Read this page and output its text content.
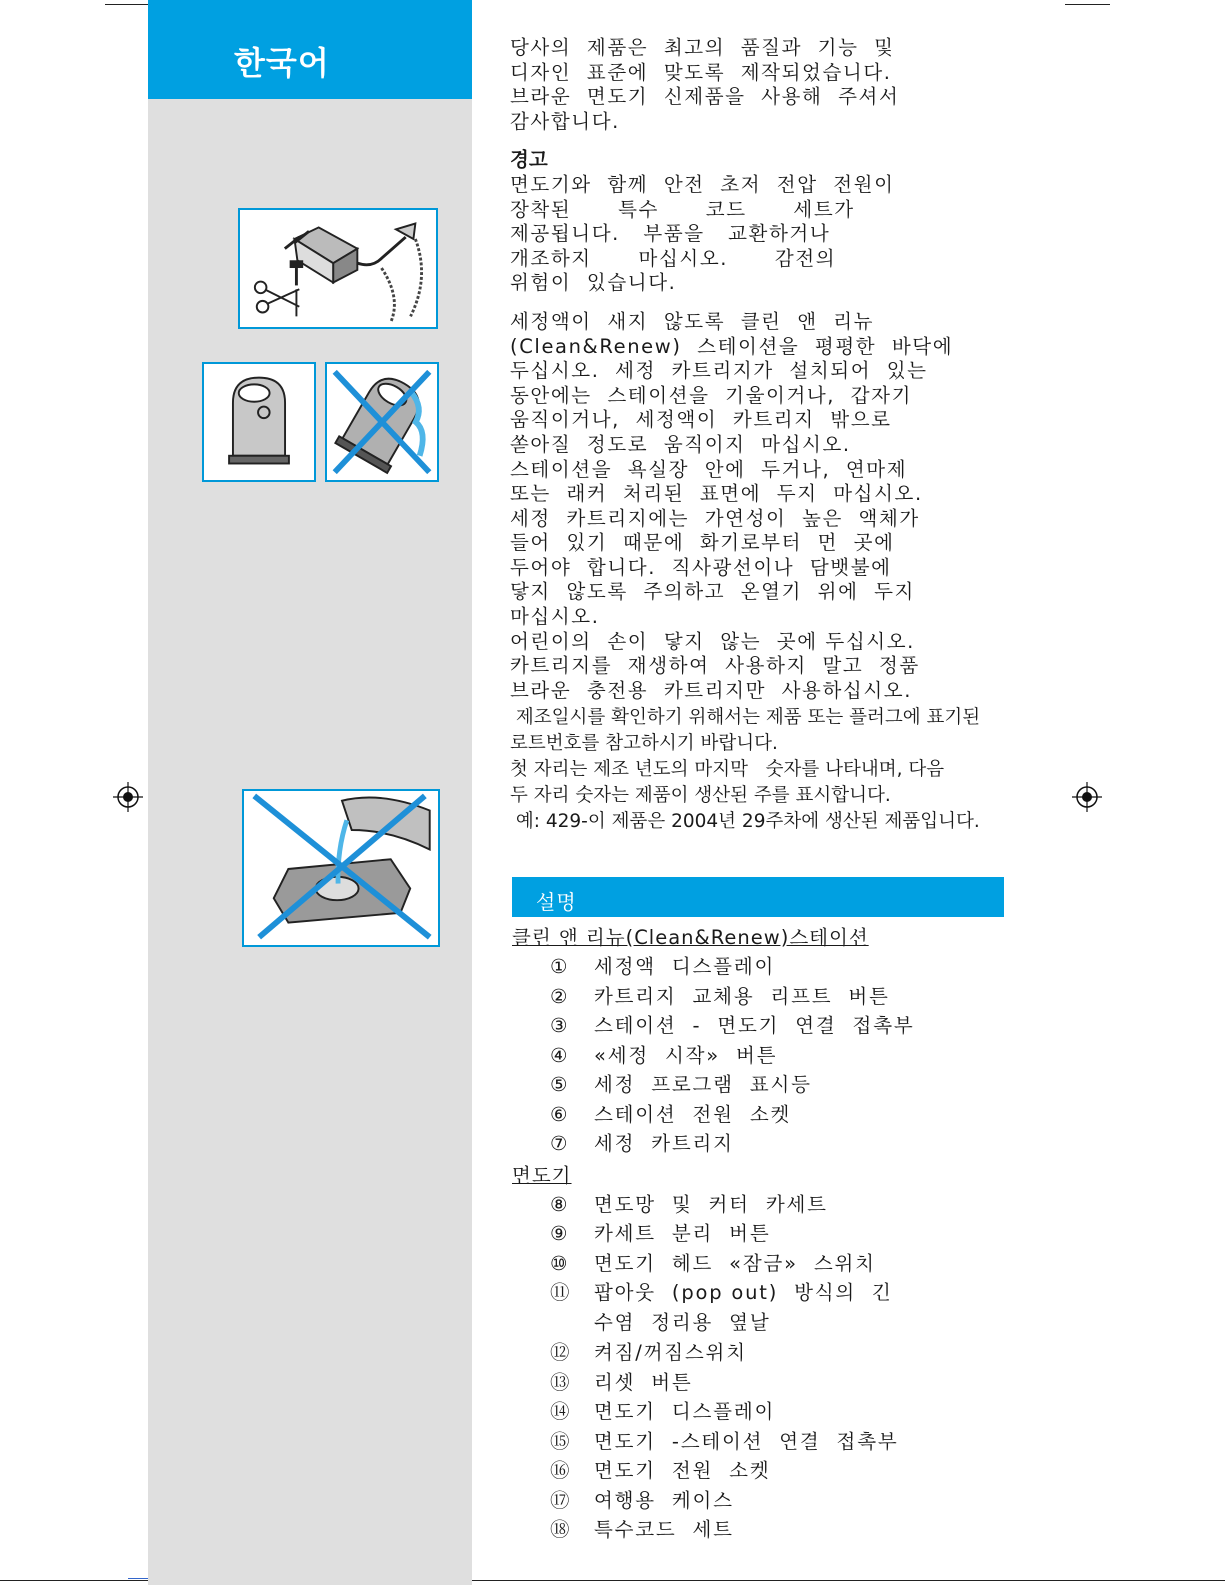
한국어	당사의  제품은  최고의  품질과  기능  및
디자인  표준에  맞도록  제작되었습니다.
브라운  면도기  신제품을  사용해  주셔서
감사합니다.

경고

면도기와  함께  안전  초저  전압  전원이
장착된      특수      코드      세트가
제공됩니다.   부품을   교환하거나
개조하지      마십시오.      감전의
위험이  있습니다.

세정액이  새지  않도록  클린  앤  리뉴
(Clean&Renew)  스테이션을  평평한  바닥에
두십시오.  세정  카트리지가  설치되어  있는
동안에는  스테이션을  기울이거나,  갑자기
움직이거나,  세정액이  카트리지  밖으로
쏟아질  정도로  움직이지  마십시오.
스테이션을  욕실장  안에  두거나,  연마제
또는  래커  처리된  표면에  두지  마십시오.
세정  카트리지에는  가연성이  높은  액체가
들어  있기  때문에  화기로부터  먼  곳에
두어야  합니다.  직사광선이나  담뱃불에
닿지  않도록  주의하고  온열기  위에  두지
마십시오.
어린이의  손이  닿지  않는  곳에 두십시오.
카트리지를  재생하여  사용하지  말고  정품
브라운  충전용  카트리지만  사용하십시오.

제조일시를 확인하기 위해서는 제품 또는 플러그에 표기된
로트번호를 참고하시기 바랍니다.
첫 자리는 제조 년도의 마지막   숫자를 나타내며, 다음
두 자리 숫자는 제품이 생산된 주를 표시합니다.
예: 429-이 제품은 2004년 29주차에 생산된 제품입니다.

설명
클린 앤 리뉴(Clean&Renew)스테이션
①	세정액  디스플레이
②	카트리지  교체용  리프트  버튼
③	스테이션  -  면도기  연결  접촉부
④	«세정  시작»  버튼
⑤	세정  프로그램  표시등
⑥	스테이션  전원  소켓
⑦	세정  카트리지
면도기
⑧	면도망  및  커터  카세트
⑨	카세트  분리  버튼
⑩	면도기  헤드  «잠금»  스위치
⑪	팝아웃  (pop out)  방식의  긴
수염  정리용  옆날
⑫	켜짐/꺼짐스위치
⑬	리셋  버튼
⑭	면도기  디스플레이
⑮	면도기  -스테이션  연결  접촉부
⑯	면도기  전원  소켓
⑰	여행용  케이스
⑱	특수코드  세트
